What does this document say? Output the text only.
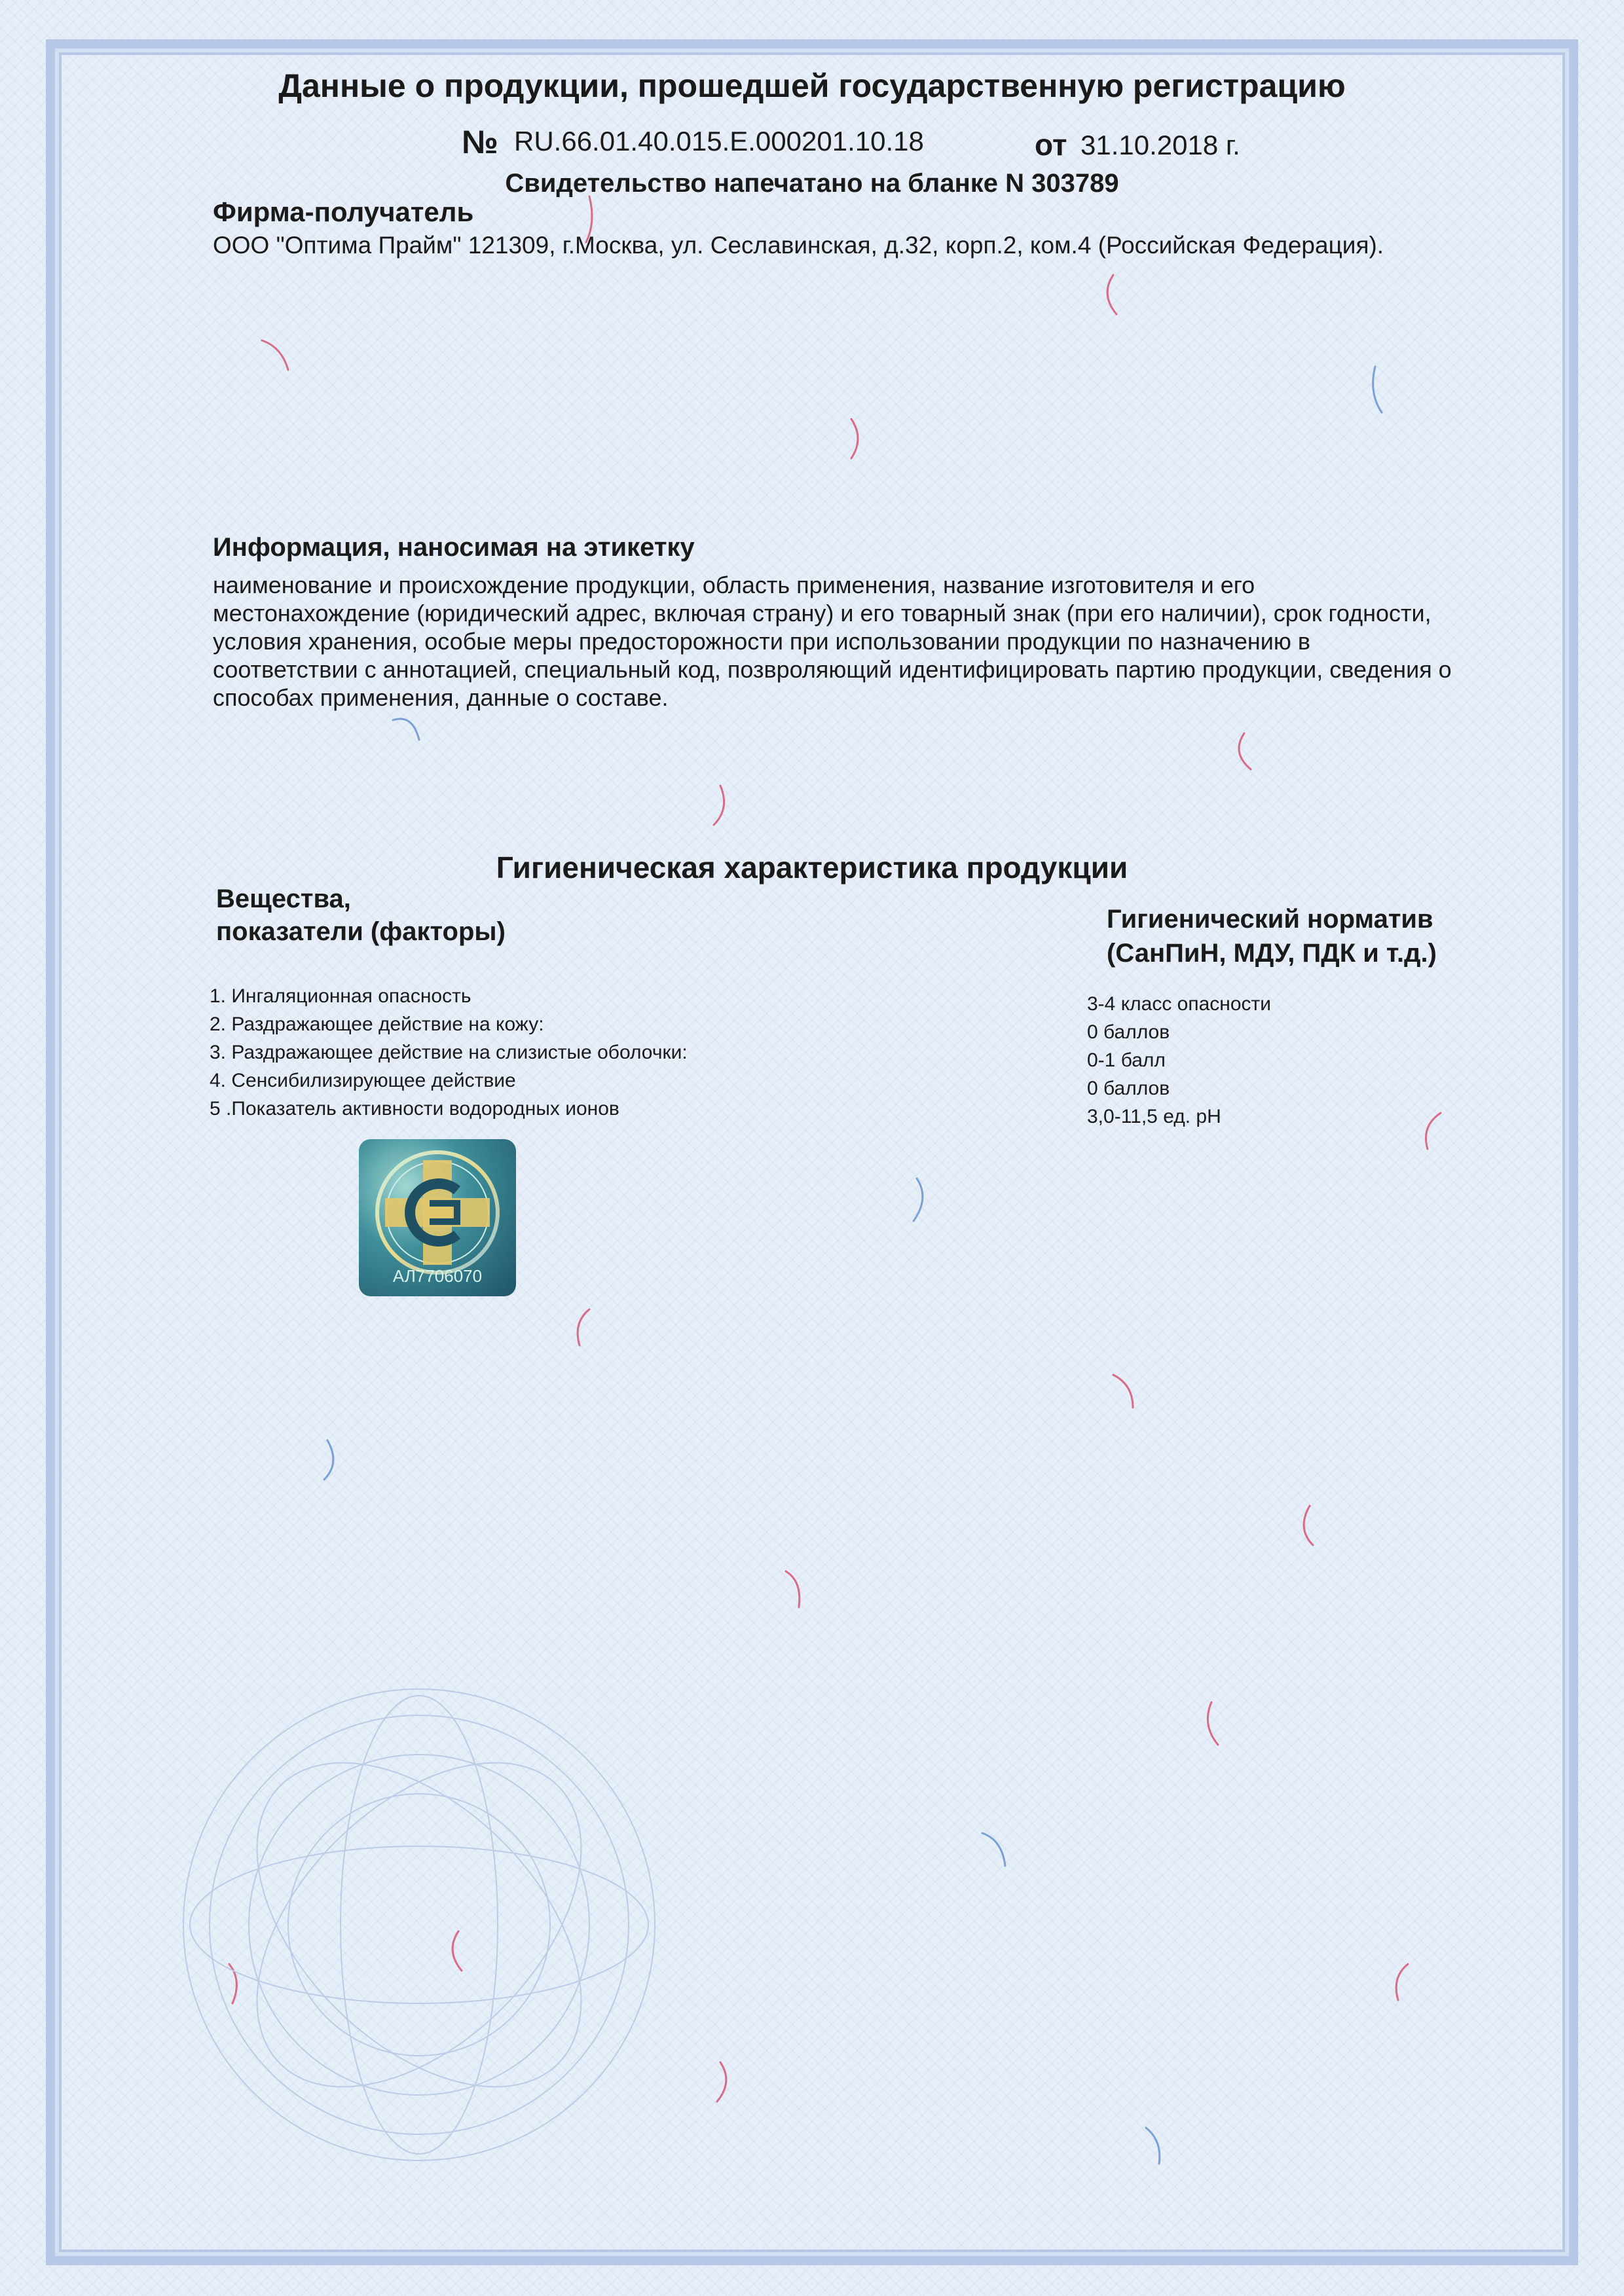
Данные о продукции, прошедшей государственную регистрацию
№ RU.66.01.40.015.E.000201.10.18	от 31.10.2018 г.
Свидетельство напечатано на бланке N 303789
Фирма-получатель
ООО "Оптима Прайм" 121309, г.Москва, ул. Сеславинская, д.32, корп.2, ком.4 (Российская Федерация).
Информация, наносимая на этикетку
наименование и происхождение продукции, область применения, название изготовителя и его местонахождение (юридический адрес, включая страну) и его товарный знак (при его наличии), срок годности, условия хранения, особые меры предосторожности при использовании продукции по назначению в соответствии с аннотацией, специальный код, позвроляющий идентифицировать партию продукции, сведения о способах применения, данные о составе.
Гигиеническая характеристика продукции
Вещества,
показатели (факторы)	Гигиенический норматив
(СанПиН, МДУ, ПДК и т.д.)
1. Ингаляционная опасность
2. Раздражающее действие на кожу:
3. Раздражающее действие на слизистые оболочки:
4. Сенсибилизирующее действие
5 .Показатель активности водородных ионов
3-4 класс опасности
0 баллов
0-1 балл
0 баллов
3,0-11,5 ед. pH
АЛ7706070
